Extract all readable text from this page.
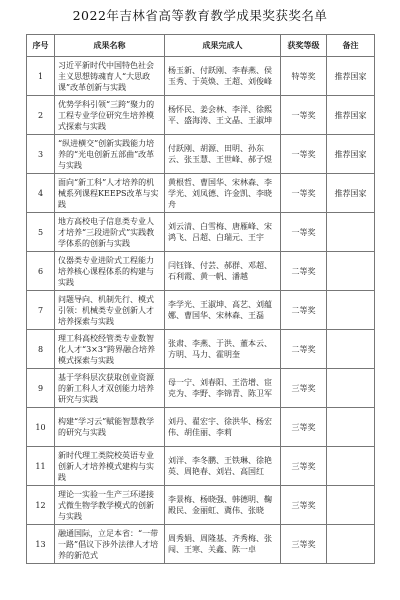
2022年吉林省高等教育教学成果奖获奖名单
序号	成果名称	成果完成人	获奖等级	备注
1	习近平新时代中国特色社会主义思想铸魂育人“大思政课”改革创新与实践	杨玉新、付跃刚、李春燕、侯玉秀、于英焕、王超、刘俊峰	特等奖	推荐国家
2	优势学科引领“三跨”聚力的工程专业学位研究生培养模式探索与实践	杨怀民、姜会林、李洋、徐熙平、盛海涛、王文晶、王淑坤	一等奖	推荐国家
3	“纵进横交”创新实践能力培养的“光电创新五部曲”改革与实践	付跃刚、胡源、田明、孙东云、张玉慧、王世峰、郝子煜	一等奖	推荐国家
4	面向“新工科”人才培养的机械系列课程KEEPS改革与实践	黄根哲、曹国华、宋林森、李学光、刘凤德、许金凯、李晓舟	一等奖	推荐国家
5	地方高校电子信息类专业人才培养“三段进阶式”实践教学体系的创新与实践	刘云清、白雪梅、唐雁峰、宋鸿飞、吕超、白瑞元、王宇	一等奖	
6	仪器类专业进阶式工程能力培养核心课程体系的构建与实践	闫钰锋、付芸、郝群、邓超、石利霞、黄一帆、潘越	二等奖	
7	问题导向、机制先行、模式引领：机械类专业创新人才培养探索与实践	李学光、王淑坤、高艺、刘蕴娜、曹国华、宋林森、王磊	二等奖	
8	理工科高校经管类专业数智化人才“3×3”跨界融合培养模式探索与实践	张肃、李燕、于洪、董本云、方明、马力、霍明奎	二等奖	
9	基于学科层次获取创业资源的新工科人才双创能力培养研究与实践	母一宁、刘春阳、王浩增、宦克为、李野、李锦青、陈卫军	三等奖	
10	构建“学习云”赋能智慧教学的研究与实践	刘丹、翟宏宇、徐洪华、杨宏伟、胡佳丽、李莉	三等奖	
11	新时代理工类院校英语专业创新人才培养模式建构与实践	刘洋、李冬鹏、王铁琳、徐艳英、周艳春、刘岩、高国红	三等奖	
12	理论一实验一生产三环递接式微生物学教学模式的创新与实践	李景梅、杨晓强、韩德明、鞠殿民、金丽虹、冀伟、张晓	三等奖	
13	融通国际，立足本省：“一带一路”倡议下涉外法律人才培养的新范式	周秀娟、周隆基、齐秀梅、张闯、王寒、关鑫、陈一卓	三等奖	
